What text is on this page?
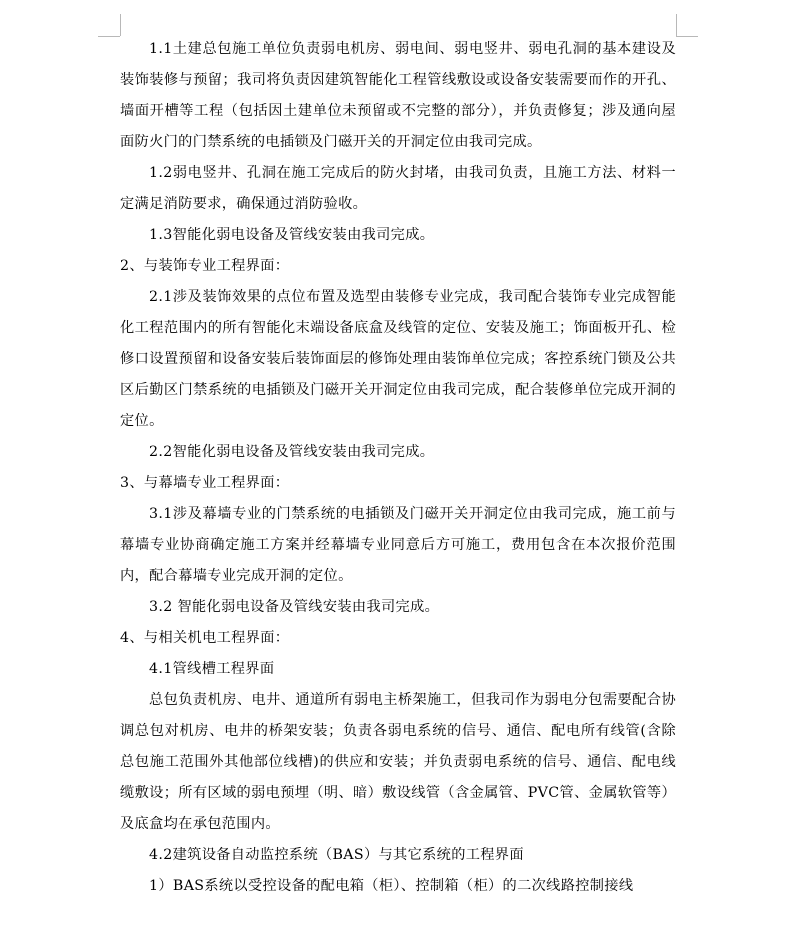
1.1土建总包施工单位负责弱电机房、弱电间、弱电竖井、弱电孔洞的基本建设及装饰装修与预留；我司将负责因建筑智能化工程管线敷设或设备安装需要而作的开孔、墙面开槽等工程（包括因土建单位未预留或不完整的部分），并负责修复；涉及通向屋面防火门的门禁系统的电插锁及门磁开关的开洞定位由我司完成。

1.2弱电竖井、孔洞在施工完成后的防火封堵，由我司负责，且施工方法、材料一定满足消防要求，确保通过消防验收。

1.3智能化弱电设备及管线安装由我司完成。

2、与装饰专业工程界面：

2.1涉及装饰效果的点位布置及选型由装修专业完成，我司配合装饰专业完成智能化工程范围内的所有智能化末端设备底盒及线管的定位、安装及施工；饰面板开孔、检修口设置预留和设备安装后装饰面层的修饰处理由装饰单位完成；客控系统门锁及公共区后勤区门禁系统的电插锁及门磁开关开洞定位由我司完成，配合装修单位完成开洞的定位。

2.2智能化弱电设备及管线安装由我司完成。

3、与幕墙专业工程界面：

3.1涉及幕墙专业的门禁系统的电插锁及门磁开关开洞定位由我司完成，施工前与幕墙专业协商确定施工方案并经幕墙专业同意后方可施工，费用包含在本次报价范围内，配合幕墙专业完成开洞的定位。

3.2 智能化弱电设备及管线安装由我司完成。

4、与相关机电工程界面：

4.1管线槽工程界面

总包负责机房、电井、通道所有弱电主桥架施工，但我司作为弱电分包需要配合协调总包对机房、电井的桥架安装；负责各弱电系统的信号、通信、配电所有线管(含除总包施工范围外其他部位线槽)的供应和安装；并负责弱电系统的信号、通信、配电线缆敷设；所有区域的弱电预埋（明、暗）敷设线管（含金属管、PVC管、金属软管等）及底盒均在承包范围内。

4.2建筑设备自动监控系统（BAS）与其它系统的工程界面

1）BAS系统以受控设备的配电箱（柜）、控制箱（柜）的二次线路控制接线
